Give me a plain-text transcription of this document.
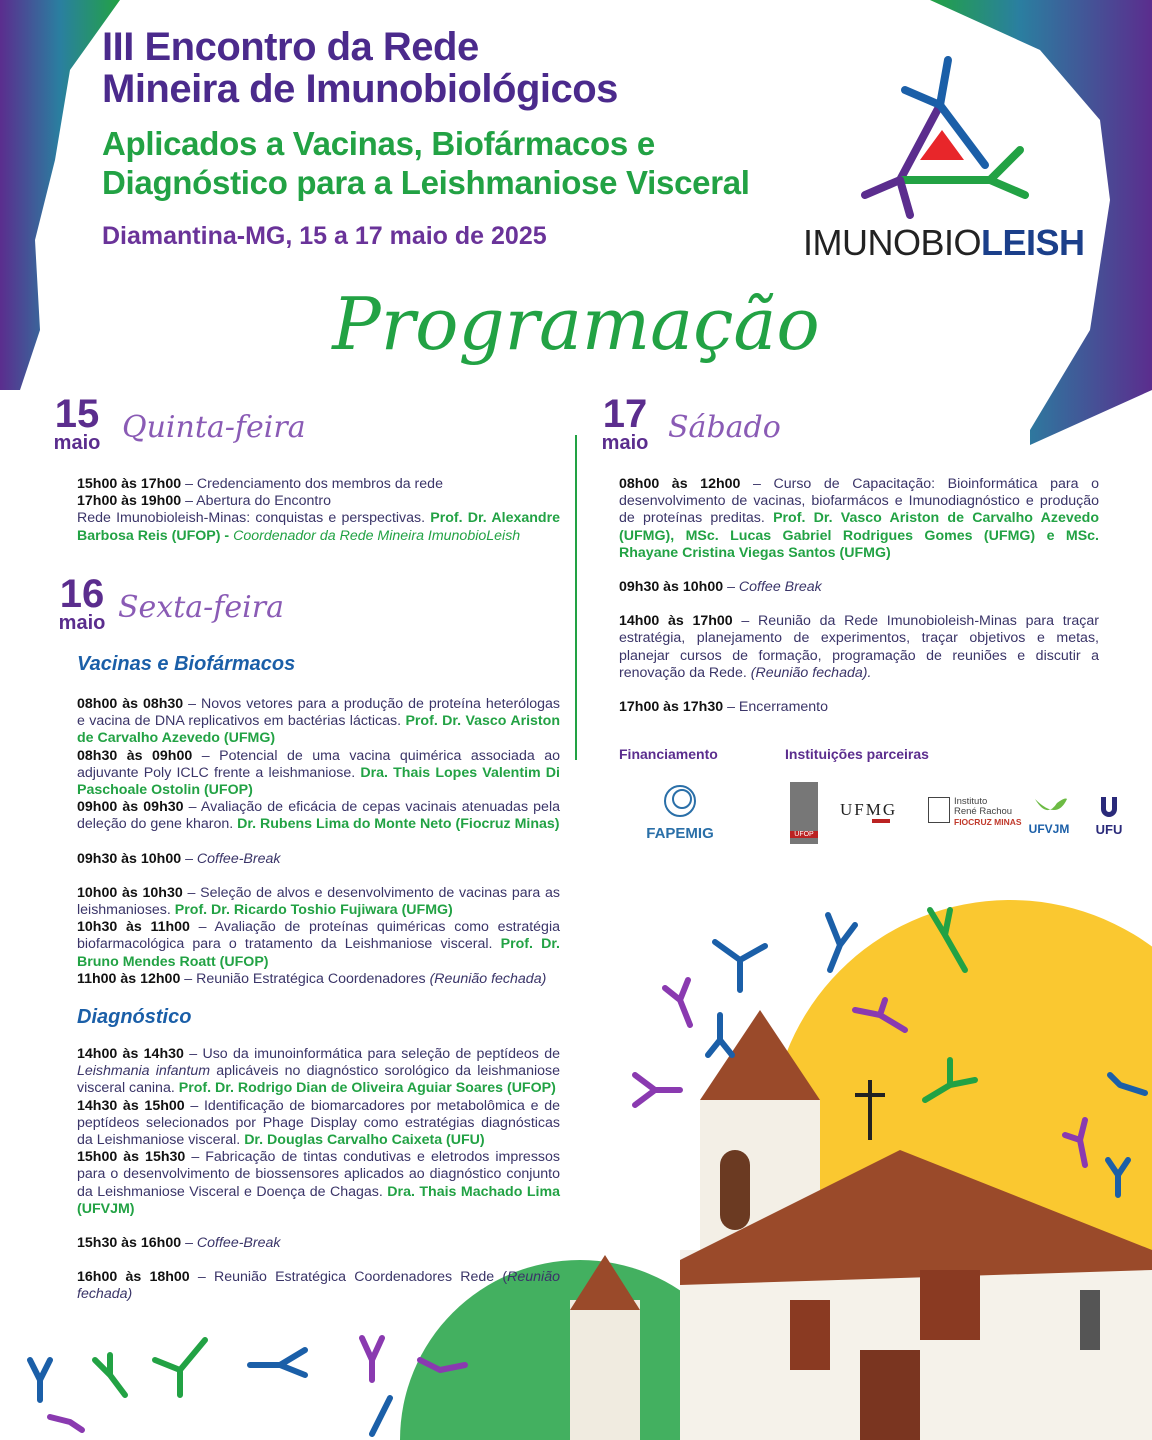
III Encontro da Rede
Mineira de Imunobiológicos
Aplicados a Vacinas, Biofármacos e
Diagnóstico para a Leishmaniose Visceral
Diamantina-MG, 15 a 17 maio de 2025	IMUNOBIOLEISH
Programação
15
maio Quinta-feira

15h00 às 17h00 – Credenciamento dos membros da rede

17h00 às 19h00 – Abertura do Encontro

Rede Imunobioleish-Minas: conquistas e perspectivas. Prof. Dr. Alexandre Barbosa Reis (UFOP) - Coordenador da Rede Mineira ImunobioLeish

16
maio Sexta-feira
Vacinas e Biofármacos

08h00 às 08h30 – Novos vetores para a produção de proteína heterólogas e vacina de DNA replicativos em bactérias lácticas. Prof. Dr. Vasco Ariston de Carvalho Azevedo (UFMG)

08h30 às 09h00 – Potencial de uma vacina quimérica associada ao adjuvante Poly ICLC frente a leishmaniose. Dra. Thais Lopes Valentim Di Paschoale Ostolin (UFOP)

09h00 às 09h30 – Avaliação de eficácia de cepas vacinais atenuadas pela deleção do gene kharon. Dr. Rubens Lima do Monte Neto (Fiocruz Minas)

09h30 às 10h00 – Coffee-Break

10h00 às 10h30 – Seleção de alvos e desenvolvimento de vacinas para as leishmanioses. Prof. Dr. Ricardo Toshio Fujiwara (UFMG)

10h30 às 11h00 – Avaliação de proteínas quiméricas como estratégia biofarmacológica para o tratamento da Leishmaniose visceral. Prof. Dr. Bruno Mendes Roatt (UFOP)

11h00 às 12h00 – Reunião Estratégica Coordenadores (Reunião fechada)

Diagnóstico

14h00 às 14h30 – Uso da imunoinformática para seleção de peptídeos de Leishmania infantum aplicáveis no diagnóstico sorológico da leishmaniose visceral canina. Prof. Dr. Rodrigo Dian de Oliveira Aguiar Soares (UFOP)

14h30 às 15h00 – Identificação de biomarcadores por metabolômica e de peptídeos selecionados por Phage Display como estratégias diagnósticas da Leishmaniose visceral. Dr. Douglas Carvalho Caixeta (UFU)

15h00 às 15h30 – Fabricação de tintas condutivas e eletrodos impressos para o desenvolvimento de biossensores aplicados ao diagnóstico conjunto da Leishmaniose Visceral e Doença de Chagas. Dra. Thais Machado Lima (UFVJM)

15h30 às 16h00 – Coffee-Break

16h00 às 18h00 – Reunião Estratégica Coordenadores Rede (Reunião fechada)

17
maio Sábado

08h00 às 12h00 – Curso de Capacitação: Bioinformática para o desenvolvimento de vacinas, biofarmácos e Imunodiagnóstico e produção de proteínas preditas. Prof. Dr. Vasco Ariston de Carvalho Azevedo (UFMG), MSc. Lucas Gabriel Rodrigues Gomes (UFMG) e MSc. Rhayane Cristina Viegas Santos (UFMG)

09h30 às 10h00 – Coffee Break

14h00 às 17h00 – Reunião da Rede Imunobioleish-Minas para traçar estratégia, planejamento de experimentos, traçar objetivos e metas, planejar cursos de formação, programação de reuniões e discutir a renovação da Rede. (Reunião fechada).

17h00 às 17h30 – Encerramento

Financiamento	Instituições parceiras
FAPEMIG	UFOP
UFMG	Instituto
René Rachou
FIOCRUZ MINAS UFVJM UFU
